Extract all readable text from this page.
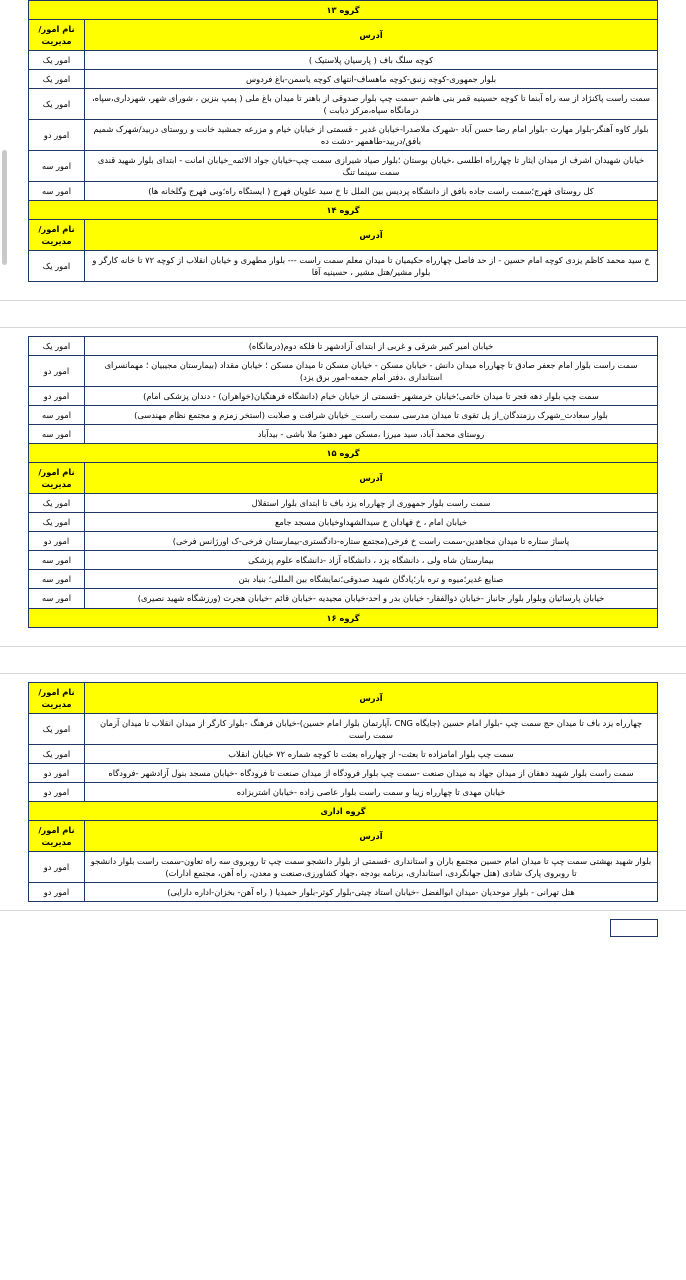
گروه ۱۳	
آدرس	نام امور/مدیریت
کوچه سلگ باف ( پارسیان پلاستیک )	امور یک
بلوار جمهوری-کوچه زنبق-کوچه ماهساف-انتهای کوچه یاسمن-باغ فردوس	امور یک
سمت راست پاکنژاد از سه راه آبنما تا کوچه حسینیه قمر بنی هاشم -سمت چپ بلوار صدوقی از باهنر تا میدان باغ ملی ( پمپ بنزین ، شورای شهر، شهرداری،سپاه، درمانگاه سپاه،مرکز دیابت )	امور یک
بلوار کاوه آهنگر-بلوار مهارت -بلوار امام رضا حسن آباد -شهرک ملاصدرا-خیابان غدیر - قسمتی از خیابان خیام و مزرعه جمشید خانت و روستای دربید/شهرک شمیم بافق/دربید-طاهمهر -دشت ده	امور دو
خیابان شهیدان اشرف از میدان ایثار تا چهارراه اطلسی ،خیابان بوستان ؛بلوار صیاد شیرازی سمت چپ-خیابان جواد الائمه_خیابان امانت - ابتدای بلوار شهید قندی سمت سینما تنگ	امور سه
کل روستای فهرج؛سمت راست جاده بافق از دانشگاه پردیس بین الملل تا خ سید علویان فهرج ( ایستگاه راه؛وبی فهرج وگلخانه ها)	امور سه
گروه ۱۴	
آدرس	نام امور/مدیریت
خ سید محمد کاظم یزدی کوچه امام حسین - از حد فاصل چهارراه حکیمیان تا میدان معلم سمت راست --- بلوار مطهری و خیابان انقلاب از کوچه ۷۲ تا خانه کارگر و بلوار مشیر/هتل مشیر ، حسینیه آقا	امور یک
خیابان امیر کبیر شرقی و غربی از ابتدای آزادشهر تا فلکه دوم(درمانگاه)	امور یک
سمت راست بلوار امام جعفر صادق تا چهارراه میدان دانش - خیابان مسکن - خیابان مسکن تا میدان مسکن ؛ خیابان مقداد (بیمارستان مجیبیان ؛ مهمانسرای استانداری ،دفتر امام جمعه-امور برق یزد)	امور دو
سمت چپ بلوار دهه فجر تا میدان خاتمی؛خیابان خرمشهر -قسمتی از خیابان خیام (دانشگاه فرهنگیان(خواهران) - دندان پزشکی امام)	امور دو
بلوار سعادت_شهرک رزمندگان_از پل تقوی تا میدان مدرسی سمت راست_ خیابان شرافت و صلابت (استخر زمزم و مجتمع نظام مهندسی)	امور سه
روستای محمد آباد، سید میرزا ،مسکن مهر دهنو؛ ملا باشی - بیدآباد	امور سه
گروه ۱۵	
آدرس	نام امور/مدیریت
سمت راست بلوار جمهوری از چهارراه یزد باف تا ابتدای بلوار استقلال	امور یک
خیابان امام ، خ فهادان خ سیدالشهداوخیابان مسجد جامع	امور یک
پاساژ ستاره تا میدان مجاهدین-سمت راست خ فرخی(مجتمع ستاره-دادگستری-بیمارستان فرخی-ک اورژانس فرخی)	امور دو
بیمارستان شاه ولی ، دانشگاه یزد ، دانشگاه آزاد -دانشگاه علوم پزشکی	امور سه
صنایع غدیر؛میوه و تره بار؛پادگان شهید صدوقی؛نمایشگاه بین المللی؛ بنیاد بتن	امور سه
خیابان پارسائیان وبلوار بلوار جانباز -خیابان ذوالفقار- خیابان بدر و احد-خیابان مجیدیه -خیابان قائم -خیابان هجرت (ورزشگاه شهید نصیری)	امور سه
گروه ۱۶	
آدرس	نام امور/مدیریت
چهارراه یزد باف تا میدان حج سمت چپ -بلوار امام حسین (جایگاه CNG ،آپارتمان بلوار امام حسین)-خیابان فرهنگ -بلوار کارگر از میدان انقلاب تا میدان آرمان سمت راست	امور یک
سمت چپ بلوار امامزاده تا بعثت- از چهارراه بعثت تا کوچه شماره ۷۲ خیابان انقلاب	امور یک
سمت راست بلوار شهید دهقان از میدان جهاد به میدان صنعت -سمت چپ بلوار فرودگاه از میدان صنعت تا فرودگاه -خیابان مسجد بنول آزادشهر -فرودگاه	امور دو
خیابان مهدی تا چهارراه زیبا و سمت راست بلوار عاصی زاده -خیابان اشتربزاده	امور دو
گروه اداری	
آدرس	نام امور/مدیریت
بلوار شهید بهشتی سمت چپ تا میدان امام حسین مجتمع باران و استانداری -قسمتی از بلوار دانشجو سمت چپ تا روبروی سه راه تعاون-سمت راست بلوار دانشجو تا روبروی پارک شادی (هتل جهانگردی، استانداری، برنامه بودجه ،جهاد کشاورزی،صنعت و معدن، راه آهن، مجتمع ادارات)	امور دو
هتل تهرانی - بلوار موحدیان -میدان ابوالفضل -خیابان استاد چیتی-بلوار کوثر-بلوار حمیدیا ( راه آهن- بخزان-اداره دارایی)	امور دو
